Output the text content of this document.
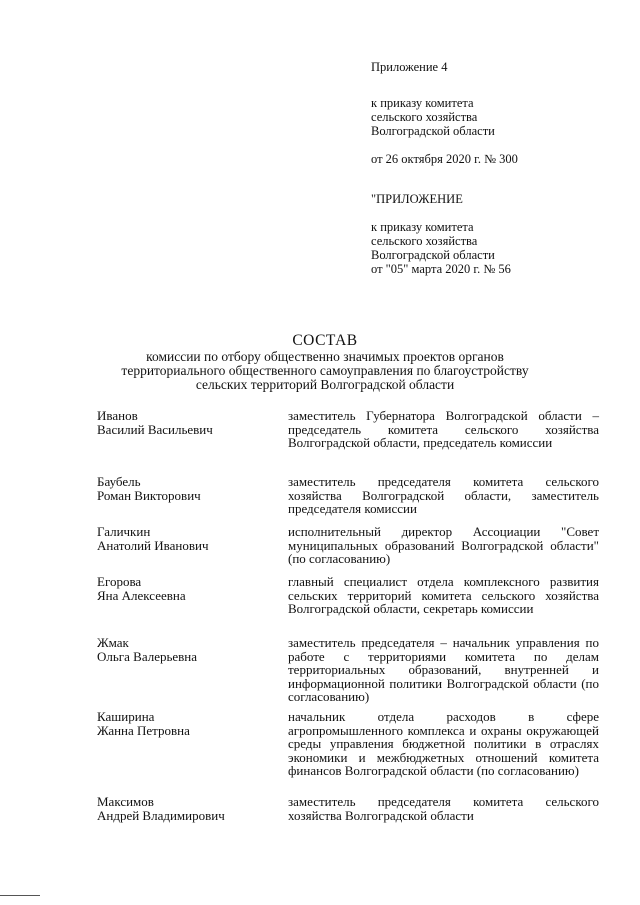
Приложение 4

к приказу комитета

сельского хозяйства

Волгоградской области

от 26 октября 2020 г. № 300

"ПРИЛОЖЕНИЕ

к приказу комитета

сельского хозяйства

Волгоградской области

от "05" марта 2020 г. № 56

СОСТАВ
комиссии по отбору общественно значимых проектов органов
территориального общественного самоуправления по благоустройству
сельских территорий Волгоградской области
Иванов
Василий Васильевич
заместитель Губернатора Волгоградской области – председатель комитета сельского хозяйства Волгоградской области, председатель комиссии
Баубель
Роман Викторович
заместитель председателя комитета сельского хозяйства Волгоградской области, заместитель председателя комиссии
Галичкин
Анатолий Иванович
исполнительный директор Ассоциации "Совет муниципальных образований Волгоградской области" (по согласованию)
Егорова
Яна Алексеевна
главный специалист отдела комплексного развития сельских территорий комитета сельского хозяйства Волгоградской области, секретарь комиссии
Жмак
Ольга Валерьевна
заместитель председателя – начальник управления по работе с территориями комитета по делам территориальных образований, внутренней и информационной политики Волгоградской области (по согласованию)
Каширина
Жанна Петровна
начальник отдела расходов в сфере агропромышленного комплекса и охраны окружающей среды управления бюджетной политики в отраслях экономики и межбюджетных отношений комитета финансов Волгоградской области (по согласованию)
Максимов
Андрей Владимирович
заместитель председателя комитета сельского хозяйства Волгоградской области
